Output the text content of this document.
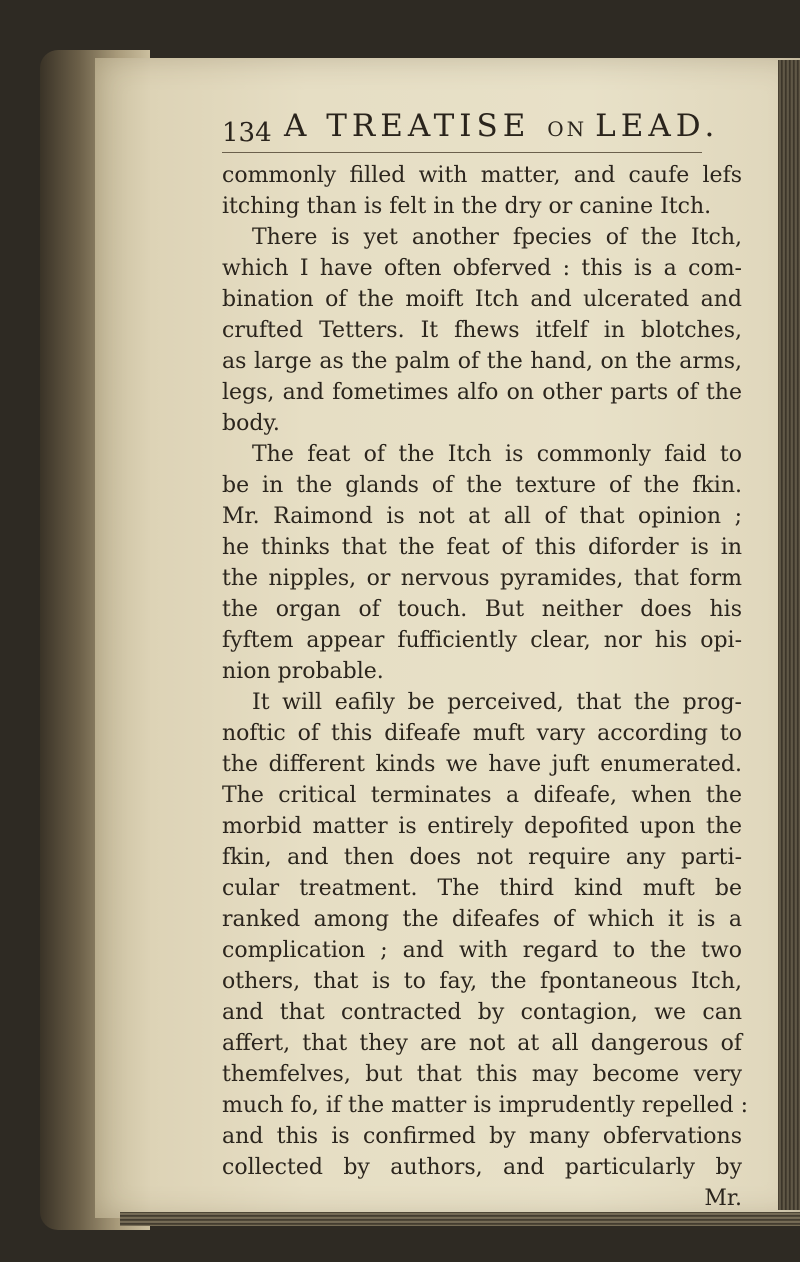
134 A TREATISE ON LEAD.
commonly filled with matter, and caufe lefs
itching than is felt in the dry or canine Itch.
There is yet another fpecies of the Itch,
which I have often obferved : this is a com-
bination of the moift Itch and ulcerated and
crufted Tetters. It fhews itfelf in blotches,
as large as the palm of the hand, on the arms,
legs, and fometimes alfo on other parts of the
body.
The feat of the Itch is commonly faid to
be in the glands of the texture of the fkin.
Mr. Raimond is not at all of that opinion ;
he thinks that the feat of this diforder is in
the nipples, or nervous pyramides, that form
the organ of touch. But neither does his
fyftem appear fufficiently clear, nor his opi-
nion probable.
It will eafily be perceived, that the prog-
noftic of this difeafe muft vary according to
the different kinds we have juft enumerated.
The critical terminates a difeafe, when the
morbid matter is entirely depofited upon the
fkin, and then does not require any parti-
cular treatment. The third kind muft be
ranked among the difeafes of which it is a
complication ; and with regard to the two
others, that is to fay, the fpontaneous Itch,
and that contracted by contagion, we can
affert, that they are not at all dangerous of
themfelves, but that this may become very
much fo, if the matter is imprudently repelled :
and this is confirmed by many obfervations
collected by authors, and particularly by
Mr.
